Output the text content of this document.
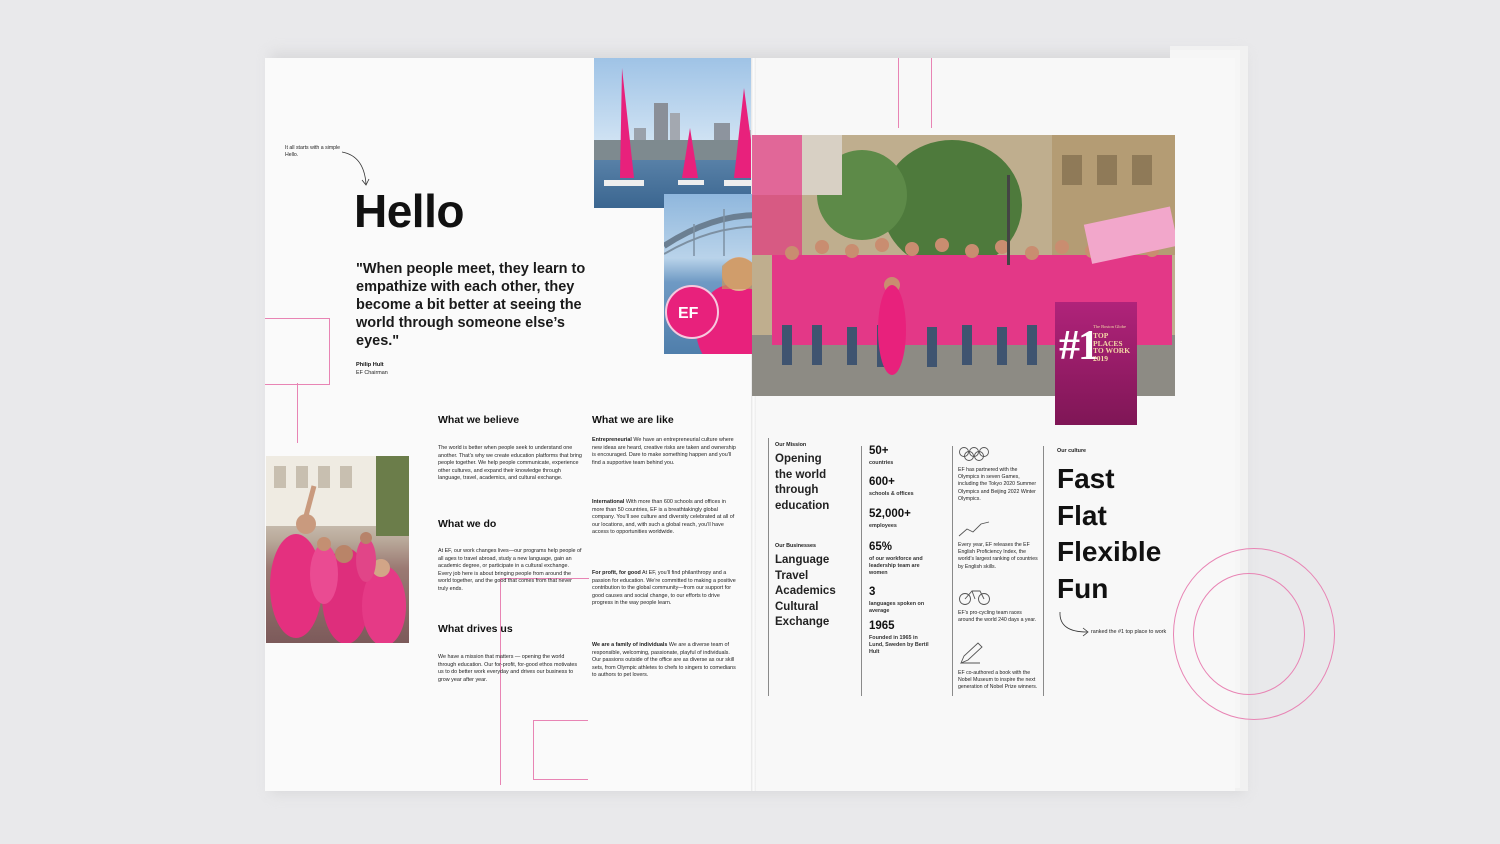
It all starts with a simple Hello.
Hello
"When people meet, they learn to empathize with each other, they become a bit better at seeing the world through someone else’s eyes."
Philip Hult
EF Chairman
What we believe
The world is better when people seek to understand one another. That’s why we create education platforms that bring people together. We help people communicate, experience other cultures, and expand their knowledge through language, travel, academics, and cultural exchange.
What we do
At EF, our work changes lives—our programs help people of all ages to travel abroad, study a new language, gain an academic degree, or participate in a cultural exchange. Every job here is about bringing people from around the world together, and the good that comes from that never truly ends.
What drives us
We have a mission that matters — opening the world through education. Our for-profit, for-good ethos motivates us to do better work everyday and drives our business to grow year after year.
What we are like
Entrepreneurial We have an entrepreneurial culture where new ideas are heard, creative risks are taken and ownership is encouraged. Dare to make something happen and you’ll find a supportive team behind you.
International With more than 600 schools and offices in more than 50 countries, EF is a breathtakingly global company. You’ll see culture and diversity celebrated at all of our locations, and, with such a global reach, you’ll have access to opportunities worldwide.
For profit, for good At EF, you’ll find philanthropy and a passion for education. We’re committed to making a positive contribution to the global community—from our support for good causes and social change, to our efforts to drive progress in the way people learn.
We are a family of individuals We are a diverse team of responsible, welcoming, passionate, playful of individuals. Our passions outside of the office are as diverse as our skill sets, from Olympic athletes to chefs to singers to comedians to authors to pet lovers.
Our Mission
Opening
the world
through
education
Our Businesses
Language
Travel
Academics
Cultural
Exchange
50+
countries
600+
schools & offices
52,000+
employees
65%
of our workforce and leadership team are women
3
languages spoken on average
1965
Founded in 1965 in Lund, Sweden by Bertil Hult
EF has partnered with the Olympics in seven Games, including the Tokyo 2020 Summer Olympics and Beijing 2022 Winter Olympics.
Every year, EF releases the EF English Proficiency Index, the world’s largest ranking of countries by English skills.
EF’s pro-cycling team races around the world 240 days a year.
EF co-authored a book with the Nobel Museum to inspire the next generation of Nobel Prize winners.
Our culture
Fast
Flat
Flexible
Fun
ranked the #1 top place to work
EF
#1
The Boston Globe
TOP
PLACES
TO WORK
2019
